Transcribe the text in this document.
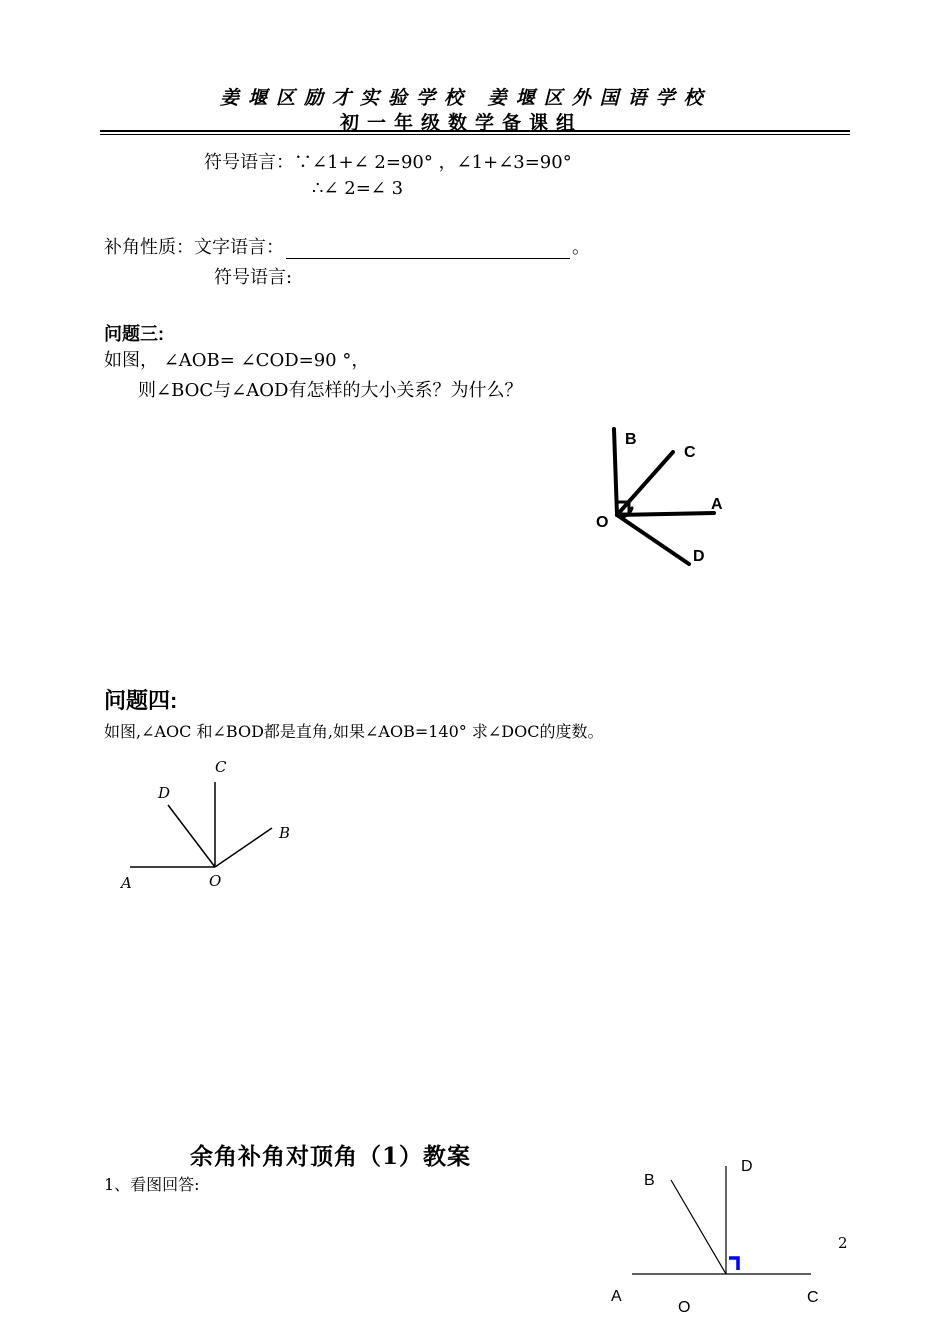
姜堰区励才实验学校 姜堰区外国语学校
初一年级数学备课组
符号语言：∵∠1+∠ 2=90° ，∠1+∠3=90°
∴∠ 2=∠ 3
补角性质：文字语言：	。
符号语言:
问题三:
如图， ∠AOB= ∠COD=90 °，
则∠BOC与∠AOD有怎样的大小关系？为什么？
B
C
A
O
D
问题四:
如图,∠AOC 和∠BOD都是直角,如果∠AOB=140° 求∠DOC的度数。
C
D
B
A	O
余角补角对顶角（1）教案
1、看图回答:
2
D
B
A
O
C
